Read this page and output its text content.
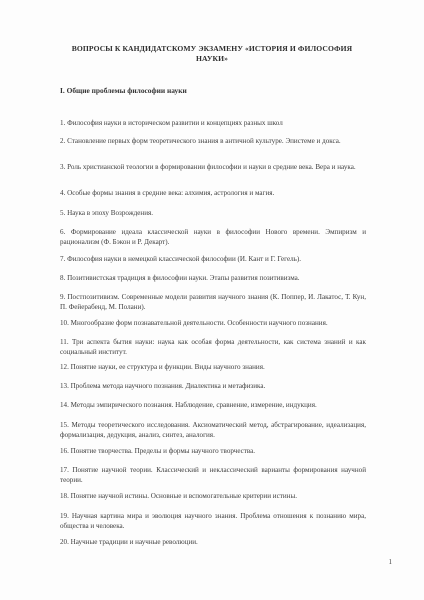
ВОПРОСЫ К КАНДИДАТСКОМУ ЭКЗАМЕНУ «ИСТОРИЯ И ФИЛОСОФИЯ НАУКИ»
I. Общие проблемы философии науки
1. Философия науки в историческом развитии и концепциях разных школ
2. Становление первых форм теоретического знания в античной культуре. Эпистеме и докса.
3. Роль христианской теологии в формировании философии и науки в средние века. Вера и наука.
4. Особые формы знания в средние века: алхимия, астрология и магия.
5. Наука в эпоху Возрождения.
6. Формирование идеала классической науки в философии Нового времени. Эмпиризм и рационализм (Ф. Бэкон и Р. Декарт).
7. Философия науки в немецкой классической философии (И. Кант и Г. Гегель).
8. Позитивистская традиция в философии науки. Этапы развития позитивизма.
9. Постпозитивизм. Современные модели развития научного знания (К. Поппер, И. Лакатос, Т. Кун, П. Фейерабенд, М. Полани).
10. Многообразие форм познавательной деятельности. Особенности научного познания.
11. Три аспекта бытия науки: наука как особая форма деятельности, как система знаний и как социальный институт.
12. Понятие науки, ее структура и функции. Виды научного знания.
13. Проблема метода научного познания. Диалектика и метафизика.
14. Методы эмпирического познания. Наблюдение, сравнение, измерение, индукция.
15. Методы теоретического исследования. Аксиоматический метод, абстрагирование, идеализация, формализация, дедукция, анализ, синтез, аналогия.
16. Понятие творчества. Пределы и формы научного творчества.
17. Понятие научной теории. Классический и неклассический варианты формирования научной теории.
18. Понятие научной истины. Основные и вспомогательные критерии истины.
19. Научная картина мира и эволюция научного знания. Проблема отношения к познанию мира, общества и человека.
20. Научные традиции и научные революции.
1
